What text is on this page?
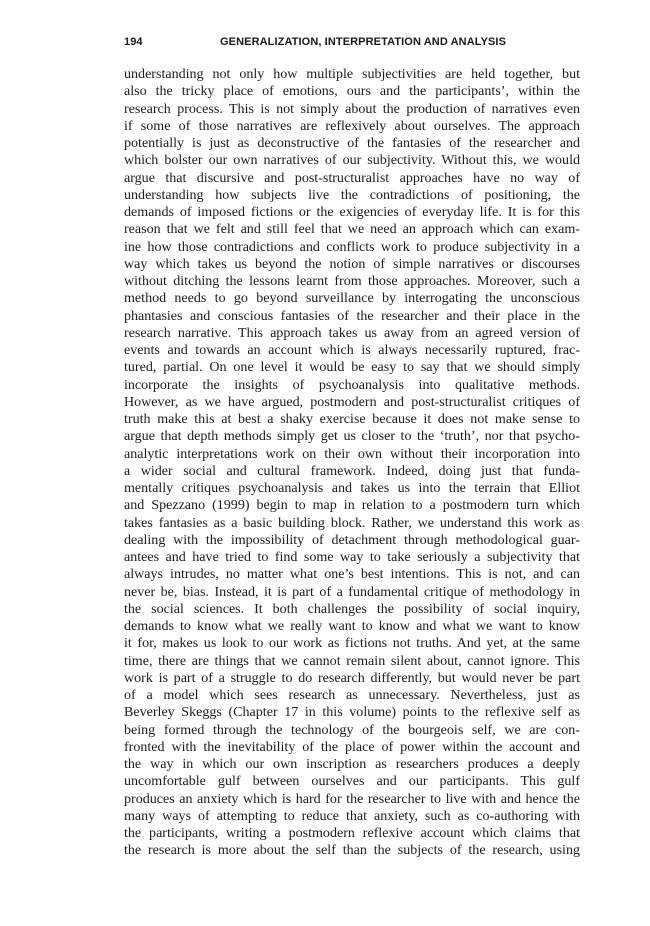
194	GENERALIZATION, INTERPRETATION AND ANALYSIS
understanding not only how multiple subjectivities are held together, but
also the tricky place of emotions, ours and the participants’, within the
research process. This is not simply about the production of narratives even
if some of those narratives are reflexively about ourselves. The approach
potentially is just as deconstructive of the fantasies of the researcher and
which bolster our own narratives of our subjectivity. Without this, we would
argue that discursive and post-structuralist approaches have no way of
understanding how subjects live the contradictions of positioning, the
demands of imposed fictions or the exigencies of everyday life. It is for this
reason that we felt and still feel that we need an approach which can exam-
ine how those contradictions and conflicts work to produce subjectivity in a
way which takes us beyond the notion of simple narratives or discourses
without ditching the lessons learnt from those approaches. Moreover, such a
method needs to go beyond surveillance by interrogating the unconscious
phantasies and conscious fantasies of the researcher and their place in the
research narrative. This approach takes us away from an agreed version of
events and towards an account which is always necessarily ruptured, frac-
tured, partial. On one level it would be easy to say that we should simply
incorporate the insights of psychoanalysis into qualitative methods.
However, as we have argued, postmodern and post-structuralist critiques of
truth make this at best a shaky exercise because it does not make sense to
argue that depth methods simply get us closer to the ‘truth’, nor that psycho-
analytic interpretations work on their own without their incorporation into
a wider social and cultural framework. Indeed, doing just that funda-
mentally critiques psychoanalysis and takes us into the terrain that Elliot
and Spezzano (1999) begin to map in relation to a postmodern turn which
takes fantasies as a basic building block. Rather, we understand this work as
dealing with the impossibility of detachment through methodological guar-
antees and have tried to find some way to take seriously a subjectivity that
always intrudes, no matter what one’s best intentions. This is not, and can
never be, bias. Instead, it is part of a fundamental critique of methodology in
the social sciences. It both challenges the possibility of social inquiry,
demands to know what we really want to know and what we want to know
it for, makes us look to our work as fictions not truths. And yet, at the same
time, there are things that we cannot remain silent about, cannot ignore. This
work is part of a struggle to do research differently, but would never be part
of a model which sees research as unnecessary. Nevertheless, just as
Beverley Skeggs (Chapter 17 in this volume) points to the reflexive self as
being formed through the technology of the bourgeois self, we are con-
fronted with the inevitability of the place of power within the account and
the way in which our own inscription as researchers produces a deeply
uncomfortable gulf between ourselves and our participants. This gulf
produces an anxiety which is hard for the researcher to live with and hence the
many ways of attempting to reduce that anxiety, such as co-authoring with
the participants, writing a postmodern reflexive account which claims that
the research is more about the self than the subjects of the research, using
